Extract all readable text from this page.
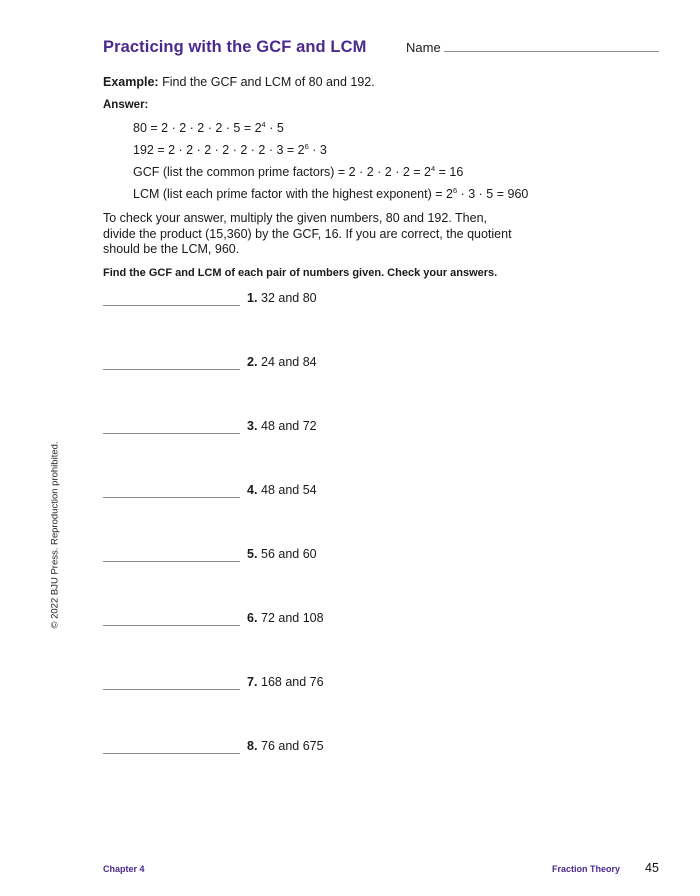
Practicing with the GCF and LCM	Name
Example: Find the GCF and LCM of 80 and 192.
Answer:
$80 = 2 \cdot 2 \cdot 2 \cdot 2 \cdot 5 = 2^4 \cdot 5$
$192 = 2 \cdot 2 \cdot 2 \cdot 2 \cdot 2 \cdot 2 \cdot 3 = 2^6 \cdot 3$
GCF (list the common prime factors) = $2 \cdot 2 \cdot 2 \cdot 2 = 2^4 = 16$
LCM (list each prime factor with the highest exponent) = $2^6 \cdot 3 \cdot 5 = 960$
To check your answer, multiply the given numbers, 80 and 192. Then, divide the product (15,360) by the GCF, 16. If you are correct, the quotient should be the LCM, 960.
Find the GCF and LCM of each pair of numbers given. Check your answers.
1. 32 and 80
2. 24 and 84
3. 48 and 72
4. 48 and 54
5. 56 and 60
6. 72 and 108
7. 168 and 76
8. 76 and 675
© 2022 BJU Press. Reproduction prohibited.
Chapter 4	Fraction Theory 45
